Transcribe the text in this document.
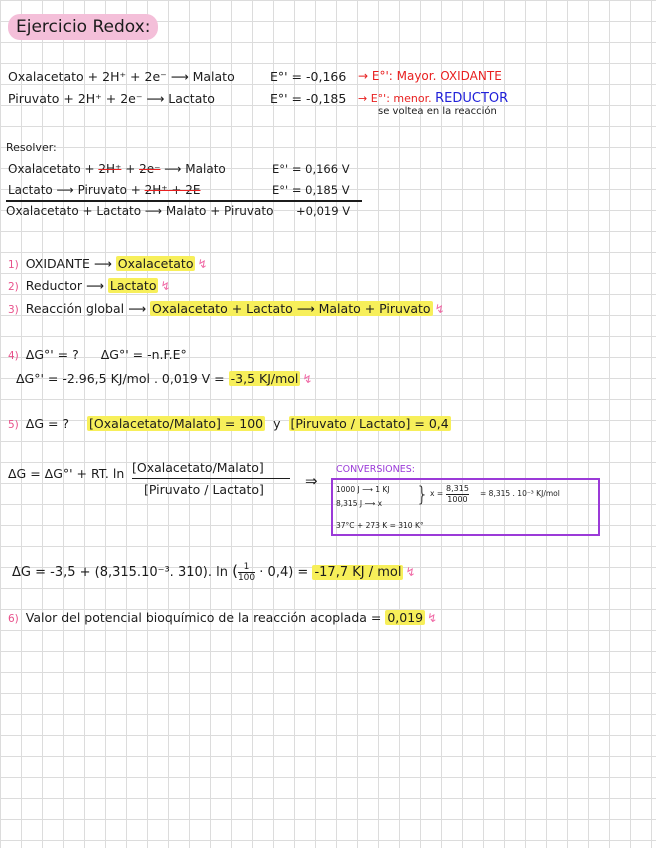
Ejercicio Redox:
Oxalacetato + 2H⁺ + 2e⁻ ⟶ Malato	E°' = -0,166 → E°': Mayor. OXIDANTE
Piruvato + 2H⁺ + 2e⁻ ⟶ Lactato	E°' = -0,185 → E°': menor. REDUCTOR
se voltea en la reacción
Resolver:
Oxalacetato + 2H⁺ + 2e⁻ ⟶ Malato	E°' = 0,166 V
Lactato ⟶ Piruvato + 2H⁺ + 2E	E°' = 0,185 V
Oxalacetato + Lactato ⟶ Malato + Piruvato +0,019 V
1) OXIDANTE ⟶ Oxalacetato ↯
2) Reductor ⟶ Lactato ↯
3) Reacción global ⟶ Oxalacetato + Lactato ⟶ Malato + Piruvato ↯
4) ΔG°' = ? ΔG°' = -n.F.E°
ΔG°' = -2.96,5 KJ/mol . 0,019 V = -3,5 KJ/mol ↯
5) ΔG = ? [Oxalacetato/Malato] = 100 y [Piruvato / Lactato] = 0,4
ΔG = ΔG°' + RT. ln [Oxalacetato/Malato]
[Piruvato / Lactato]	⇒
CONVERSIONES:
1000 J ⟶ 1 KJ
8,315 J ⟶ x } $x = \frac{8,315}{1000} = 8,315$ . 10⁻³ KJ/mol
37°C + 273 K = 310 K°
ΔG = -3,5 + (8,315.10⁻³. 310). ln ( $\frac{1}{100} \cdot 0,4) = -17,7$ KJ / mol ↯
6) Valor del potencial bioquímico de la reacción acoplada = 0,019 ↯
